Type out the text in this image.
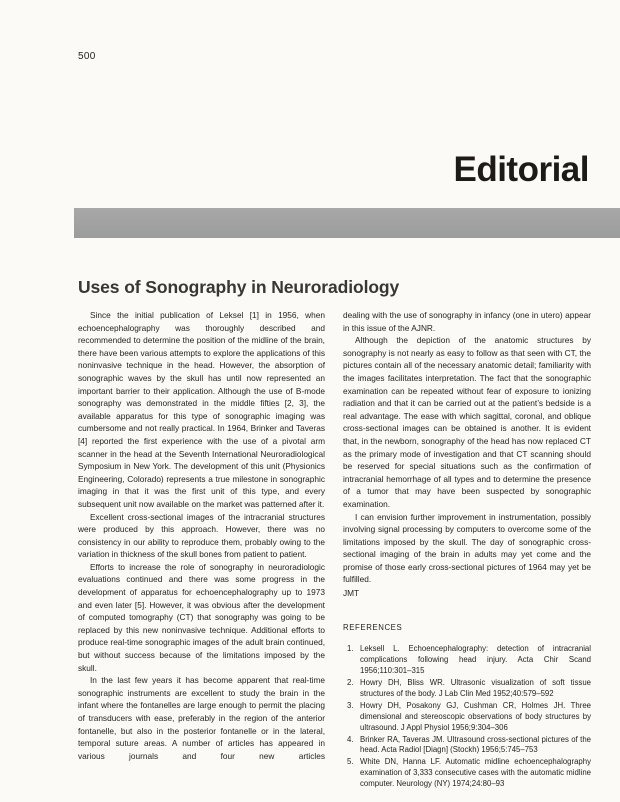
500
Editorial
Uses of Sonography in Neuroradiology

Since the initial publication of Leksel [1] in 1956, when echoencephalography was thoroughly described and recommended to determine the position of the midline of the brain, there have been various attempts to explore the applications of this noninvasive technique in the head. However, the absorption of sonographic waves by the skull has until now represented an important barrier to their application. Although the use of B-mode sonography was demonstrated in the middle fifties [2, 3], the available apparatus for this type of sonographic imaging was cumbersome and not really practical. In 1964, Brinker and Taveras [4] reported the first experience with the use of a pivotal arm scanner in the head at the Seventh International Neuroradiological Symposium in New York. The development of this unit (Physionics Engineering, Colorado) represents a true milestone in sonographic imaging in that it was the first unit of this type, and every subsequent unit now available on the market was patterned after it.

Excellent cross-sectional images of the intracranial structures were produced by this approach. However, there was no consistency in our ability to reproduce them, probably owing to the variation in thickness of the skull bones from patient to patient.

Efforts to increase the role of sonography in neuroradiologic evaluations continued and there was some progress in the development of apparatus for echoencephalography up to 1973 and even later [5]. However, it was obvious after the development of computed tomography (CT) that sonography was going to be replaced by this new noninvasive technique. Additional efforts to produce real-time sonographic images of the adult brain continued, but without success because of the limitations imposed by the skull.

In the last few years it has become apparent that real-time sonographic instruments are excellent to study the brain in the infant where the fontanelles are large enough to permit the placing of transducers with ease, preferably in the region of the anterior fontanelle, but also in the posterior fontanelle or in the lateral, temporal suture areas. A number of articles has appeared in various journals and four new articles

dealing with the use of sonography in infancy (one in utero) appear in this issue of the AJNR.

Although the depiction of the anatomic structures by sonography is not nearly as easy to follow as that seen with CT, the pictures contain all of the necessary anatomic detail; familiarity with the images facilitates interpretation. The fact that the sonographic examination can be repeated without fear of exposure to ionizing radiation and that it can be carried out at the patient’s bedside is a real advantage. The ease with which sagittal, coronal, and oblique cross-sectional images can be obtained is another. It is evident that, in the newborn, sonography of the head has now replaced CT as the primary mode of investigation and that CT scanning should be reserved for special situations such as the confirmation of intracranial hemorrhage of all types and to determine the presence of a tumor that may have been suspected by sonographic examination.

I can envision further improvement in instrumentation, possibly involving signal processing by computers to overcome some of the limitations imposed by the skull. The day of sonographic cross-sectional imaging of the brain in adults may yet come and the promise of those early cross-sectional pictures of 1964 may yet be fulfilled.

JMT
REFERENCES
1. Leksell L. Echoencephalography: detection of intracranial complications following head injury. Acta Chir Scand 1956;110:301–315
2. Howry DH, Bliss WR. Ultrasonic visualization of soft tissue structures of the body. J Lab Clin Med 1952;40:579–592
3. Howry DH, Posakony GJ, Cushman CR, Holmes JH. Three dimensional and stereoscopic observations of body structures by ultrasound. J Appl Physiol 1956;9:304–306
4. Brinker RA, Taveras JM. Ultrasound cross-sectional pictures of the head. Acta Radiol [Diagn] (Stockh) 1956;5:745–753
5. White DN, Hanna LF. Automatic midline echoencephalography examination of 3,333 consecutive cases with the automatic midline computer. Neurology (NY) 1974;24:80–93
